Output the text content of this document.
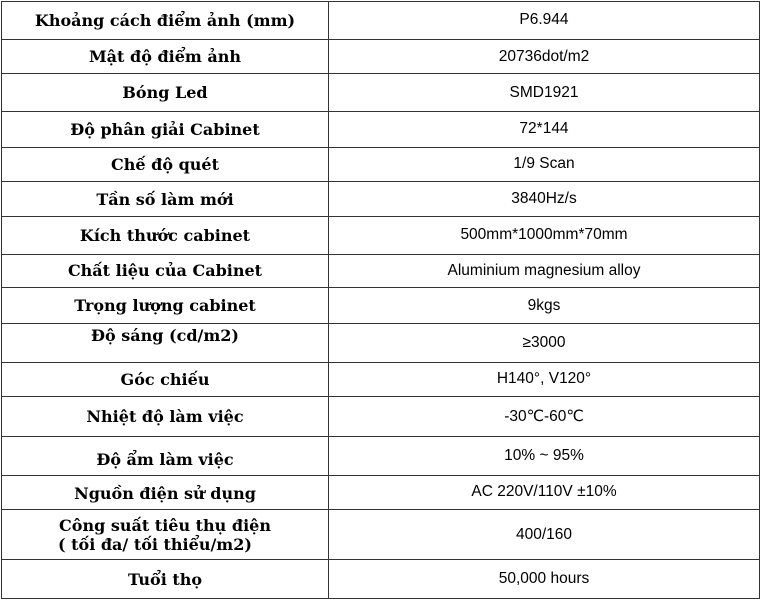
Khoảng cách điểm ảnh (mm)	P6.944
Mật độ điểm ảnh	20736dot/m2
Bóng Led	SMD1921
Độ phân giải Cabinet	72*144
Chế độ quét	1/9 Scan
Tần số làm mới	3840Hz/s
Kích thước cabinet	500mm*1000mm*70mm
Chất liệu của Cabinet	Aluminium magnesium alloy
Trọng lượng cabinet	9kgs
Độ sáng (cd/m2)	≥3000
Góc chiếu	H140°, V120°
Nhiệt độ làm việc	-30℃-60℃
Độ ẩm làm việc	10% ~ 95%
Nguồn điện sử dụng	AC 220V/110V ±10%

Công suất tiêu thụ điện
( tối đa/ tối thiểu/m2)	400/160
Tuổi thọ	50,000 hours
